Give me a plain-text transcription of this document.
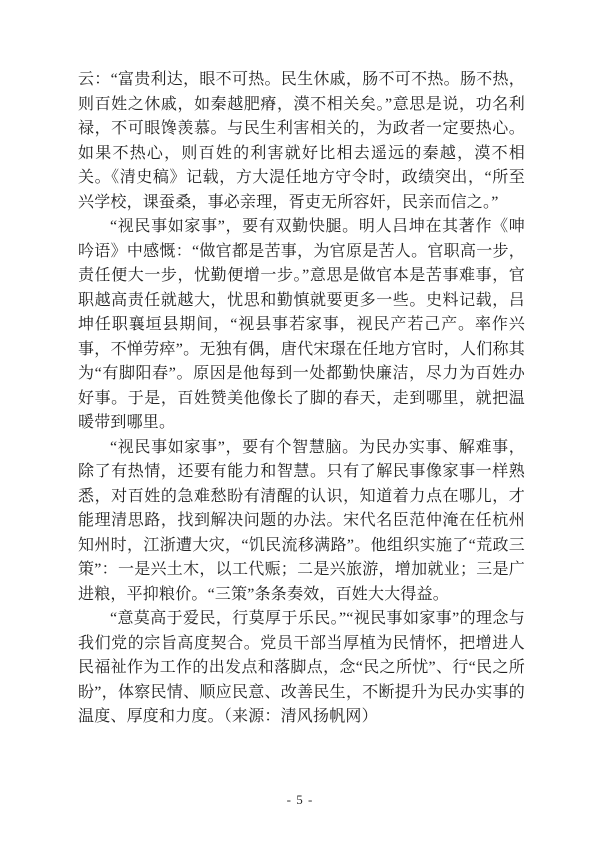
云：“富贵利达，眼不可热。民生休戚，肠不可不热。肠不热，则百姓之休戚，如秦越肥瘠，漠不相关矣。”意思是说，功名利禄，不可眼馋羡慕。与民生利害相关的，为政者一定要热心。如果不热心，则百姓的利害就好比相去遥远的秦越，漠不相关。《清史稿》记载，方大湜任地方守令时，政绩突出，“所至兴学校，课蚕桑，事必亲理，胥吏无所容奸，民亲而信之。”

“视民事如家事”，要有双勤快腿。明人吕坤在其著作《呻吟语》中感慨：“做官都是苦事，为官原是苦人。官职高一步，责任便大一步，忧勤便增一步。”意思是做官本是苦事难事，官职越高责任就越大，忧思和勤慎就要更多一些。史料记载，吕坤任职襄垣县期间，“视县事若家事，视民产若己产。率作兴事，不惮劳瘁”。无独有偶，唐代宋璟在任地方官时，人们称其为“有脚阳春”。原因是他每到一处都勤快廉洁，尽力为百姓办好事。于是，百姓赞美他像长了脚的春天，走到哪里，就把温暖带到哪里。

“视民事如家事”，要有个智慧脑。为民办实事、解难事，除了有热情，还要有能力和智慧。只有了解民事像家事一样熟悉，对百姓的急难愁盼有清醒的认识，知道着力点在哪儿，才能理清思路，找到解决问题的办法。宋代名臣范仲淹在任杭州知州时，江浙遭大灾，“饥民流移满路”。他组织实施了“荒政三策”：一是兴土木，以工代赈；二是兴旅游，增加就业；三是广进粮，平抑粮价。“三策”条条奏效，百姓大大得益。

“意莫高于爱民，行莫厚于乐民。”“视民事如家事”的理念与我们党的宗旨高度契合。党员干部当厚植为民情怀，把增进人民福祉作为工作的出发点和落脚点，念“民之所忧”、行“民之所盼”，体察民情、顺应民意、改善民生，不断提升为民办实事的温度、厚度和力度。（来源：清风扬帆网）

- 5 -
